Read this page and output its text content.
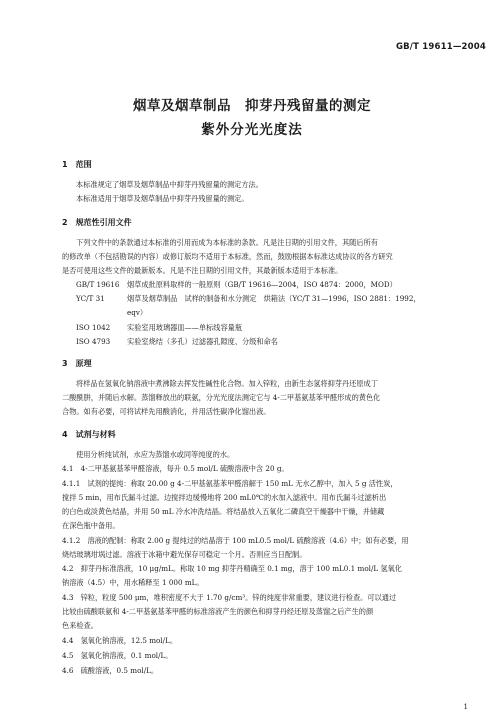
GB/T 19611—2004
烟草及烟草制品　抑芽丹残留量的测定
紫外分光光度法
1　范围
本标准规定了烟草及烟草制品中抑芽丹残留量的测定方法。
本标准适用于烟草及烟草制品中抑芽丹残留量的测定。
2　规范性引用文件
下列文件中的条款通过本标准的引用而成为本标准的条款。凡是注日期的引用文件，其随后所有
的修改单（不包括勘误的内容）或修订版均不适用于本标准，然而，鼓励根据本标准达成协议的各方研究
是否可使用这些文件的最新版本。凡是不注日期的引用文件，其最新版本适用于本标准。
GB/T 19616 烟草成批原料取样的一般原则（GB/T 19616—2004，ISO 4874：2000，MOD）
YC/T 31	烟草及烟草制品　试样的制备和水分测定　烘箱法（YC/T 31—1996，ISO 2881：1992，
eqv）
ISO 1042 实验室用玻璃器皿——单标线容量瓶
ISO 4793 实验室烧结（多孔）过滤器孔隙度、分级和命名
3　原理
将样品在氢氧化钠溶液中煮沸除去挥发性碱性化合物。加入锌粒，由新生态氢将抑芽丹还原成丁
二酸酰肼，并随后水解。蒸馏释放出的联氨，分光光度法测定它与 4-二甲基氨基苯甲醛形成的黄色化
合物。如有必要，可将试样先用酸消化，并用活性碳净化馏出液。
4　试剂与材料
使用分析纯试剂，水应为蒸馏水或同等纯度的水。
4.1　4-二甲基氨基苯甲醛溶液，每升 0.5 mol/L 硫酸溶液中含 20 g。
4.1.1　试剂的提纯：称取 20.00 g 4-二甲基氨基苯甲醛溶解于 150 mL 无水乙醇中，加入 5 g 活性炭，
搅拌 5 min，用布氏漏斗过滤。边搅拌边缓慢地将 200 mL0℃的水加入滤液中。用布氏漏斗过滤析出
的白色或淡黄色结晶，并用 50 mL 冷水冲洗结晶。将结晶放入五氧化二磷真空干燥器中干燥，并储藏
在深色瓶中备用。
4.1.2　溶液的配制：称取 2.00 g 提纯过的结晶溶于 100 mL0.5 mol/L 硫酸溶液（4.6）中；如有必要，用
烧结玻璃坩埚过滤。溶液于冰箱中避光保存可稳定一个月。否则应当日配制。
4.2　抑芽丹标准溶液，10 μg/mL。称取 10 mg 抑芽丹精确至 0.1 mg，溶于 100 mL0.1 mol/L 氢氧化
钠溶液（4.5）中，用水稀释至 1 000 mL。
4.3　锌粒，粒度 500 μm，堆积密度不大于 1.70 g/cm³。锌的纯度非常重要，建议进行检查。可以通过
比较由硫酸联氨和 4-二甲基氨基苯甲醛的标准溶液产生的颜色和抑芽丹经还原及蒸馏之后产生的颜
色来检查。
4.4　氢氧化钠溶液，12.5 mol/L。
4.5　氢氧化钠溶液，0.1 mol/L。
4.6　硫酸溶液，0.5 mol/L。
1
